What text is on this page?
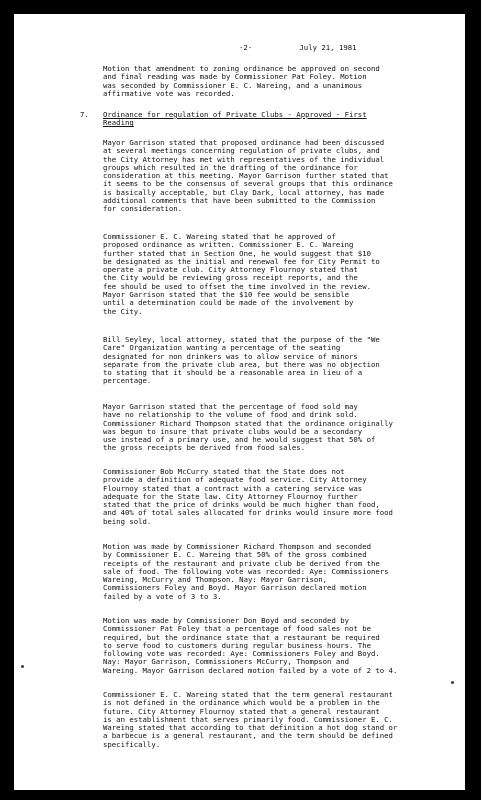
-2-	July 21, 1981

Motion that amendment to zoning ordinance be approved on second
and final reading was made by Commissioner Pat Foley. Motion
was seconded by Commissioner E. C. Wareing, and a unanimous
affirmative vote was recorded.

7. Ordinance for regulation of Private Clubs - Approved - First
Reading

Mayor Garrison stated that proposed ordinance had been discussed
at several meetings concerning regulation of private clubs, and
the City Attorney has met with representatives of the individual
groups which resulted in the drafting of the ordinance for
consideration at this meeting. Mayor Garrison further stated that
it seems to be the consensus of several groups that this ordinance
is basically acceptable, but Clay Dark, local attorney, has made
additional comments that have been submitted to the Commission
for consideration.

Commissioner E. C. Wareing stated that he approved of
proposed ordinance as written. Commissioner E. C. Wareing
further stated that in Section One, he would suggest that $10
be designated as the initial and renewal fee for City Permit to
operate a private club. City Attorney Flournoy stated that
the City would be reviewing gross receipt reports, and the
fee should be used to offset the time involved in the review.
Mayor Garrison stated that the $10 fee would be sensible
until a determination could be made of the involvement by
the City.

Bill Seyley, local attorney, stated that the purpose of the "We
Care" Organization wanting a percentage of the seating
designated for non drinkers was to allow service of minors
separate from the private club area, but there was no objection
to stating that it should be a reasonable area in lieu of a
percentage.

Mayor Garrison stated that the percentage of food sold may
have no relationship to the volume of food and drink sold.
Commissioner Richard Thompson stated that the ordinance originally
was begun to insure that private clubs would be a secondary
use instead of a primary use, and he would suggest that 50% of
the gross receipts be derived from food sales.

Commissioner Bob McCurry stated that the State does not
provide a definition of adequate food service. City Attorney
Flournoy stated that a contract with a catering service was
adequate for the State law. City Attorney Flournoy further
stated that the price of drinks would be much higher than food,
and 40% of total sales allocated for drinks would insure more food
being sold.

Motion was made by Commissioner Richard Thompson and seconded
by Commissioner E. C. Wareing that 50% of the gross combined
receipts of the restaurant and private club be derived from the
sale of food. The following vote was recorded: Aye: Commissioners
Wareing, McCurry and Thompson. Nay: Mayor Garrison,
Commissioners Foley and Boyd. Mayor Garrison declared motion
failed by a vote of 3 to 3.

Motion was made by Commissioner Don Boyd and seconded by
Commissioner Pat Foley that a percentage of food sales not be
required, but the ordinance state that a restaurant be required
to serve food to customers during regular business hours. The
following vote was recorded: Aye: Commissioners Foley and Boyd.
Nay: Mayor Garrison, Commissioners McCurry, Thompson and
Wareing. Mayor Garrison declared motion failed by a vote of 2 to 4.

Commissioner E. C. Wareing stated that the term general restaurant
is not defined in the ordinance which would be a problem in the
future. City Attorney Flournoy stated that a general restaurant
is an establishment that serves primarily food. Commissioner E. C.
Wareing stated that according to that definition a hot dog stand or
a barbecue is a general restaurant, and the term should be defined
specifically.
